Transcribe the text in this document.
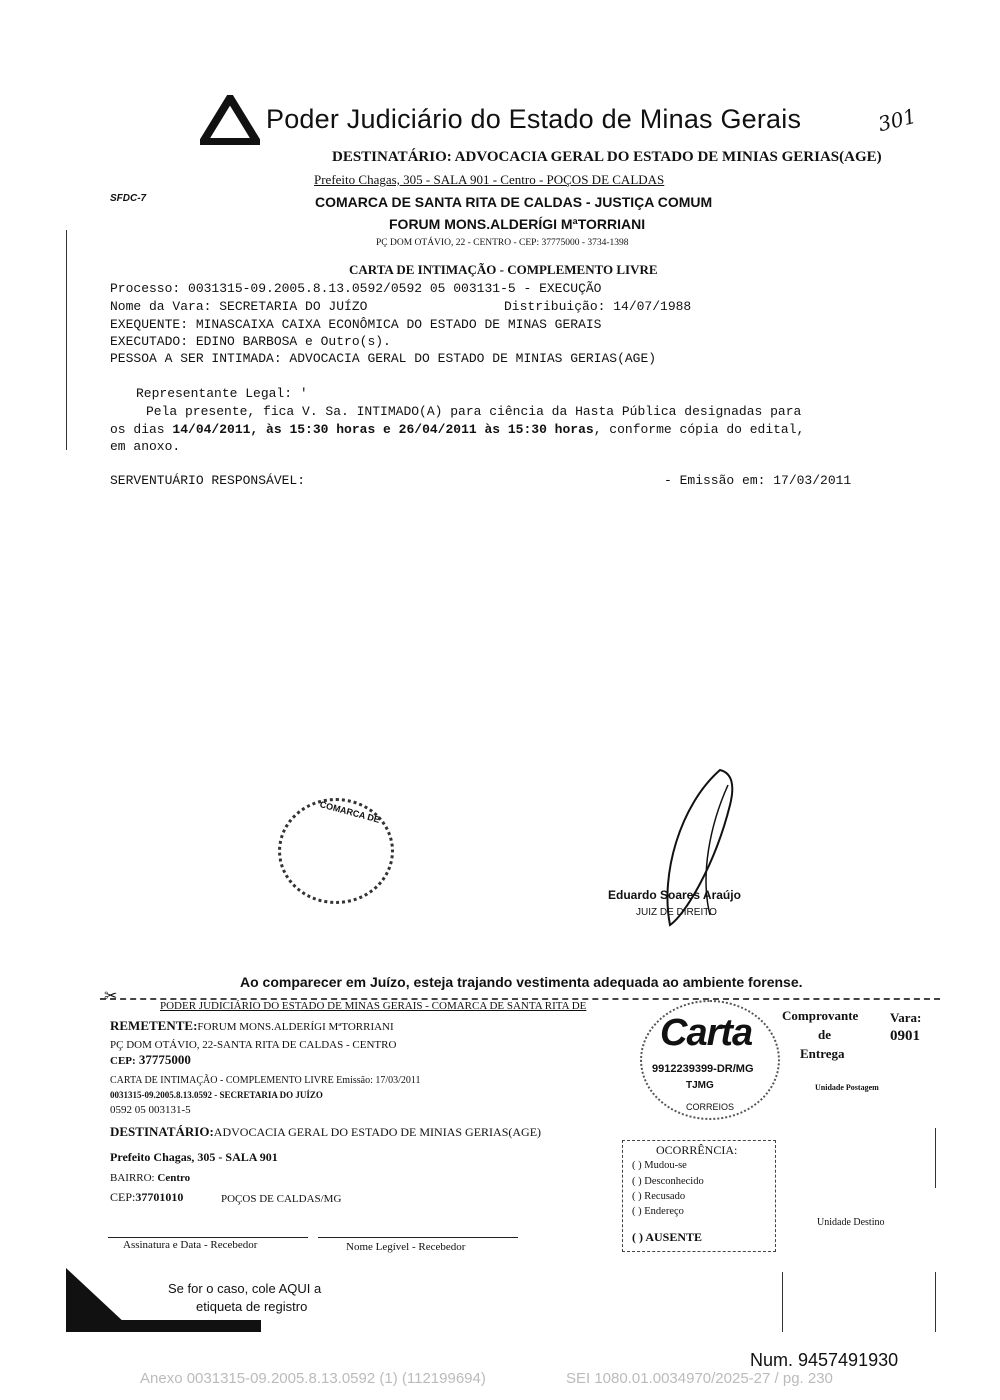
Poder Judiciário do Estado de Minas Gerais	301
DESTINATÁRIO: ADVOCACIA GERAL DO ESTADO DE MINIAS GERIAS(AGE)
Prefeito Chagas, 305 - SALA 901 - Centro - POÇOS DE CALDAS
SFDC-7	COMARCA DE SANTA RITA DE CALDAS - JUSTIÇA COMUM
FORUM MONS.ALDERÍGI MªTORRIANI
PÇ DOM OTÁVIO, 22 - CENTRO - CEP: 37775000 - 3734-1398
CARTA DE INTIMAÇÃO - COMPLEMENTO LIVRE
Processo: 0031315-09.2005.8.13.0592/0592 05 003131-5 - EXECUÇÃO
Nome da Vara: SECRETARIA DO JUÍZO	Distribuição: 14/07/1988
EXEQUENTE: MINASCAIXA CAIXA ECONÔMICA DO ESTADO DE MINAS GERAIS
EXECUTADO: EDINO BARBOSA e Outro(s).
PESSOA A SER INTIMADA: ADVOCACIA GERAL DO ESTADO DE MINIAS GERIAS(AGE)
Representante Legal: '
Pela presente, fica V. Sa. INTIMADO(A) para ciência da Hasta Pública designadas para
os dias 14/04/2011, às 15:30 horas e 26/04/2011 às 15:30 horas, conforme cópia do edital,
em anoxo.
SERVENTUÁRIO RESPONSÁVEL:	- Emissão em: 17/03/2011
COMARCA DE
Eduardo Soares Araújo
JUIZ DE DIREITO
Ao comparecer em Juízo, esteja trajando vestimenta adequada ao ambiente forense.
✂
PODER JUDICIÁRIO DO ESTADO DE MINAS GERAIS - COMARCA DE SANTA RITA DE
REMETENTE:FORUM MONS.ALDERÍGI MªTORRIANI
PÇ DOM OTÁVIO, 22-SANTA RITA DE CALDAS - CENTRO
CEP: 37775000
CARTA DE INTIMAÇÃO - COMPLEMENTO LIVRE Emissão: 17/03/2011
0031315-09.2005.8.13.0592 - SECRETARIA DO JUÍZO
0592 05 003131-5
DESTINATÁRIO:ADVOCACIA GERAL DO ESTADO DE MINIAS GERIAS(AGE)
Prefeito Chagas, 305 - SALA 901
BAIRRO: Centro
CEP:37701010	POÇOS DE CALDAS/MG
Assinatura e Data - Recebedor	Nome Legível - Recebedor
Carta
9912239399-DR/MG
TJMG
CORREIOS
Comprovante
de
Entrega
Vara:
0901
Unidade Postagem
Unidade Destino
OCORRÊNCIA:
( ) Mudou-se
( ) Desconhecido
( ) Recusado
( ) Endereço
( ) AUSENTE
Se for o caso, cole AQUI a
etiqueta de registro
Num. 9457491930
Anexo 0031315-09.2005.8.13.0592 (1) (112199694)	SEI 1080.01.0034970/2025-27 / pg. 230
